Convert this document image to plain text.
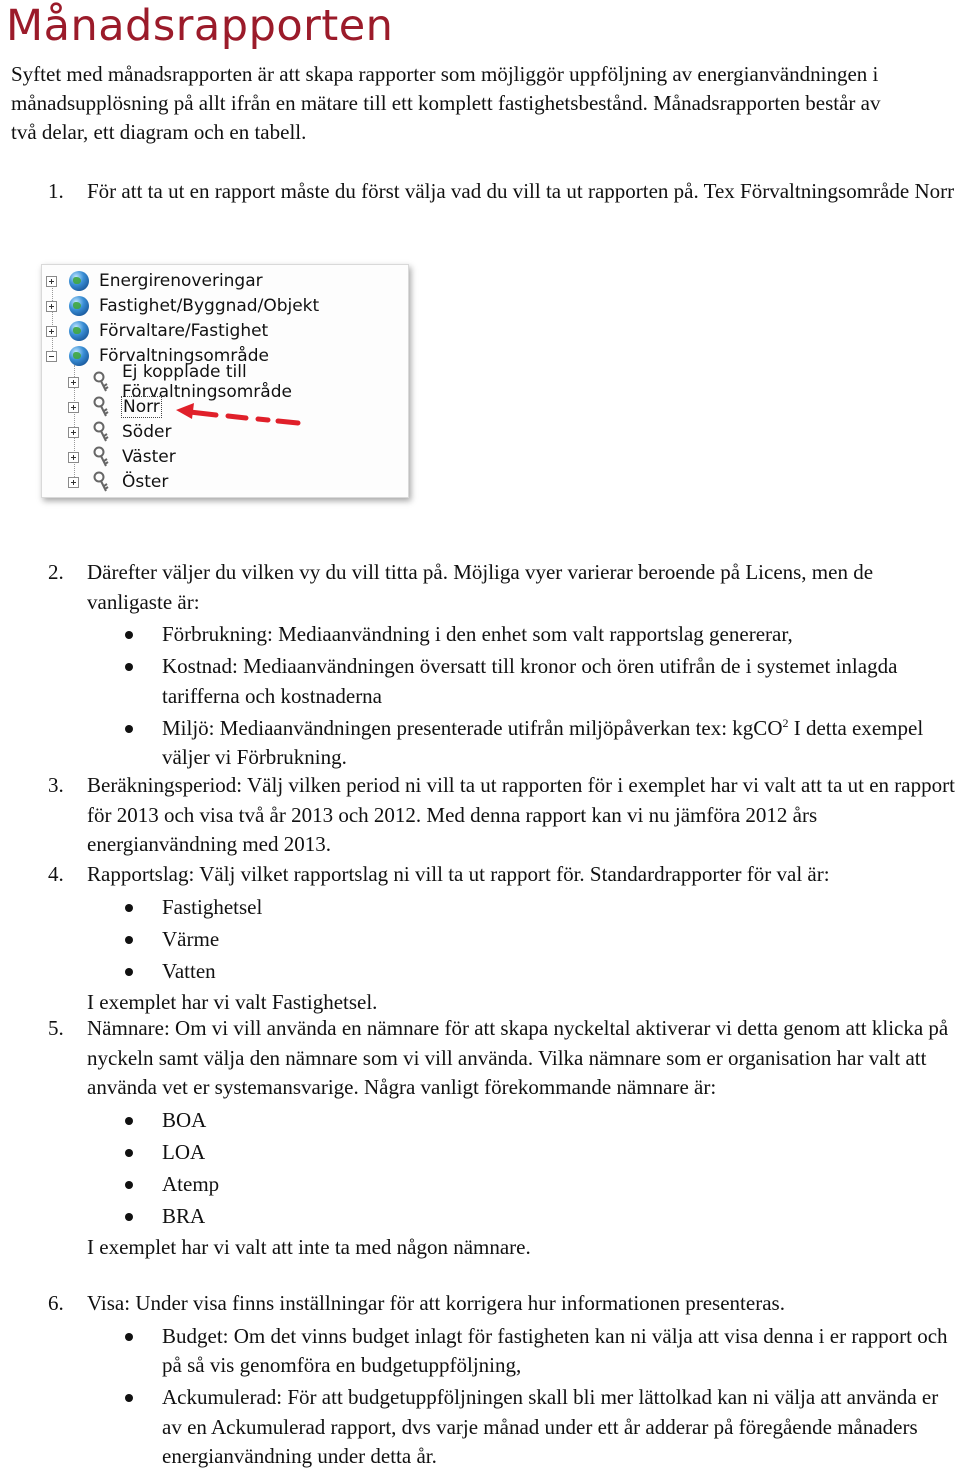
Månadsrapporten

Syftet med månadsrapporten är att skapa rapporter som möjliggör uppföljning av energianvändningen i månadsupplösning på allt ifrån en mätare till ett komplett fastighetsbestånd. Månadsrapporten består av två delar, ett diagram och en tabell.

1.	För att ta ut en rapport måste du först välja vad du vill ta ut rapporten på. Tex Förvaltningsområde Norr
Energirenoveringar
Fastighet/Byggnad/Objekt
Förvaltare/Fastighet
Förvaltningsområde
Ej kopplade till Förvaltningsområde
Norr
Söder
Väster
Öster
2.	Därefter väljer du vilken vy du vill titta på. Möjliga vyer varierar beroende på Licens, men de vanligaste är:
Förbrukning: Mediaanvändning i den enhet som valt rapportslag genererar,
Kostnad: Mediaanvändningen översatt till kronor och ören utifrån de i systemet inlagda tarifferna och kostnaderna
Miljö: Mediaanvändningen presenterade utifrån miljöpåverkan tex: kgCO$^2$ I detta exempel väljer vi Förbrukning.
3.	Beräkningsperiod: Välj vilken period ni vill ta ut rapporten för i exemplet har vi valt att ta ut en rapport för 2013 och visa två år 2013 och 2012. Med denna rapport kan vi nu jämföra 2012 års energianvändning med 2013.
4.	Rapportslag: Välj vilket rapportslag ni vill ta ut rapport för. Standardrapporter för val är:
Fastighetsel
Värme
Vatten
I exemplet har vi valt Fastighetsel.
5.	Nämnare: Om vi vill använda en nämnare för att skapa nyckeltal aktiverar vi detta genom att klicka på nyckeln samt välja den nämnare som vi vill använda. Vilka nämnare som er organisation har valt att använda vet er systemansvarige. Några vanligt förekommande nämnare är:
BOA
LOA
Atemp
BRA
I exemplet har vi valt att inte ta med någon nämnare.
6.	Visa: Under visa finns inställningar för att korrigera hur informationen presenteras.
Budget: Om det vinns budget inlagt för fastigheten kan ni välja att visa denna i er rapport och på så vis genomföra en budgetuppföljning,
Ackumulerad: För att budgetuppföljningen skall bli mer lättolkad kan ni välja att använda er av en Ackumulerad rapport, dvs varje månad under ett år adderar på föregående månaders energianvändning under detta år.
